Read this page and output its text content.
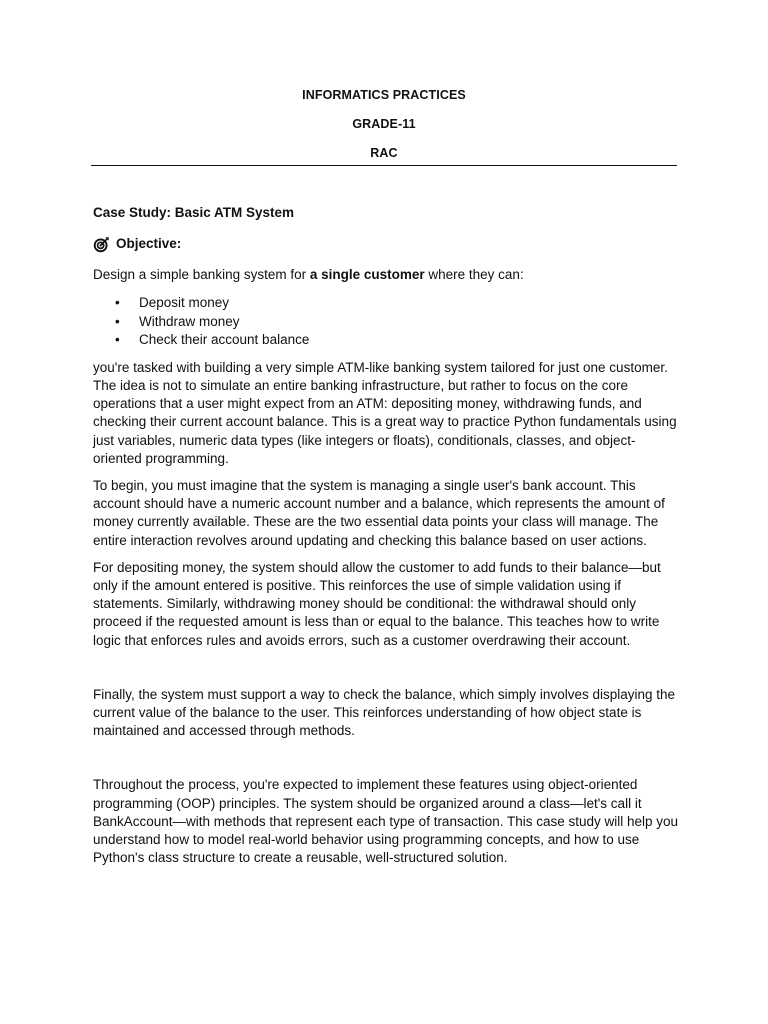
INFORMATICS PRACTICES
GRADE-11
RAC

Case Study: Basic ATM System

Objective:

Design a simple banking system for a single customer where they can:

• Deposit money
• Withdraw money
• Check their account balance

you're tasked with building a very simple ATM-like banking system tailored for just one customer. The idea is not to simulate an entire banking infrastructure, but rather to focus on the core operations that a user might expect from an ATM: depositing money, withdrawing funds, and checking their current account balance. This is a great way to practice Python fundamentals using just variables, numeric data types (like integers or floats), conditionals, classes, and object-oriented programming.

To begin, you must imagine that the system is managing a single user's bank account. This account should have a numeric account number and a balance, which represents the amount of money currently available. These are the two essential data points your class will manage. The entire interaction revolves around updating and checking this balance based on user actions.

For depositing money, the system should allow the customer to add funds to their balance—but only if the amount entered is positive. This reinforces the use of simple validation using if statements. Similarly, withdrawing money should be conditional: the withdrawal should only proceed if the requested amount is less than or equal to the balance. This teaches how to write logic that enforces rules and avoids errors, such as a customer overdrawing their account.

Finally, the system must support a way to check the balance, which simply involves displaying the current value of the balance to the user. This reinforces understanding of how object state is maintained and accessed through methods.

Throughout the process, you're expected to implement these features using object-oriented programming (OOP) principles. The system should be organized around a class—let's call it BankAccount—with methods that represent each type of transaction. This case study will help you understand how to model real-world behavior using programming concepts, and how to use Python's class structure to create a reusable, well-structured solution.
